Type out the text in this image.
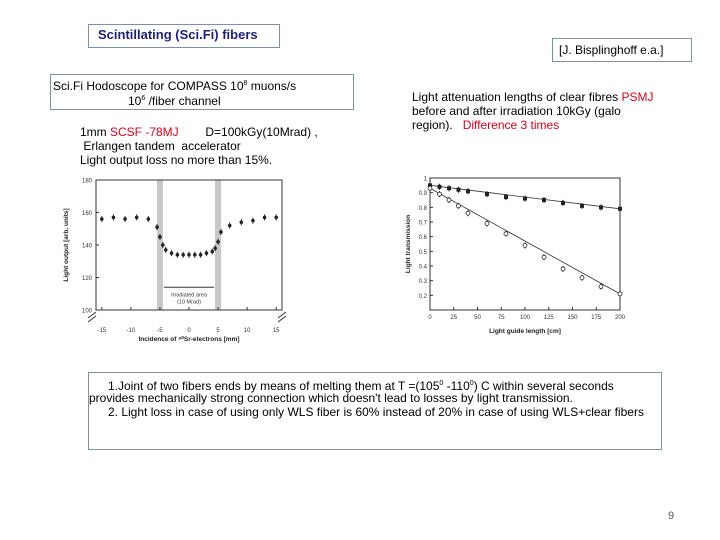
Scintillating (Sci.Fi) fibers
[J. Bisplinghoff e.a.]
Sci.Fi Hodoscope for COMPASS $10^8$ muons/s
$10^6$ /fiber channel
1mm SCSF -78MJ        D=100kGy(10Mrad) ,
Erlangen tandem  accelerator
Light output loss no more than 15%.
Light attenuation lengths of clear fibres PSMJ
before and after irradiation 10kGy (galo
region).   Difference 3 times
100
120
140
160
180
-15	-10	-5	0	5	10	15
Irradiated area
(10 Mrad)
Incidence of ⁹⁰Sr-electrons [mm]
Light output [arb. units]
0.2
0.3
0.4
0.5
0.6
0.7
0.8
0.9
1
0	25	50	75	100 125 150 175 200
Light guide length [cm]
Light transmission
1.Joint of two fibers ends by means of melting them at $T =(105^0$ $-110^0$) C within several seconds
provides mechanically strong connection which doesn't lead to losses by light transmission.
2. Light loss in case of using only WLS fiber is 60% instead of 20% in case of using WLS+clear fibers
9
